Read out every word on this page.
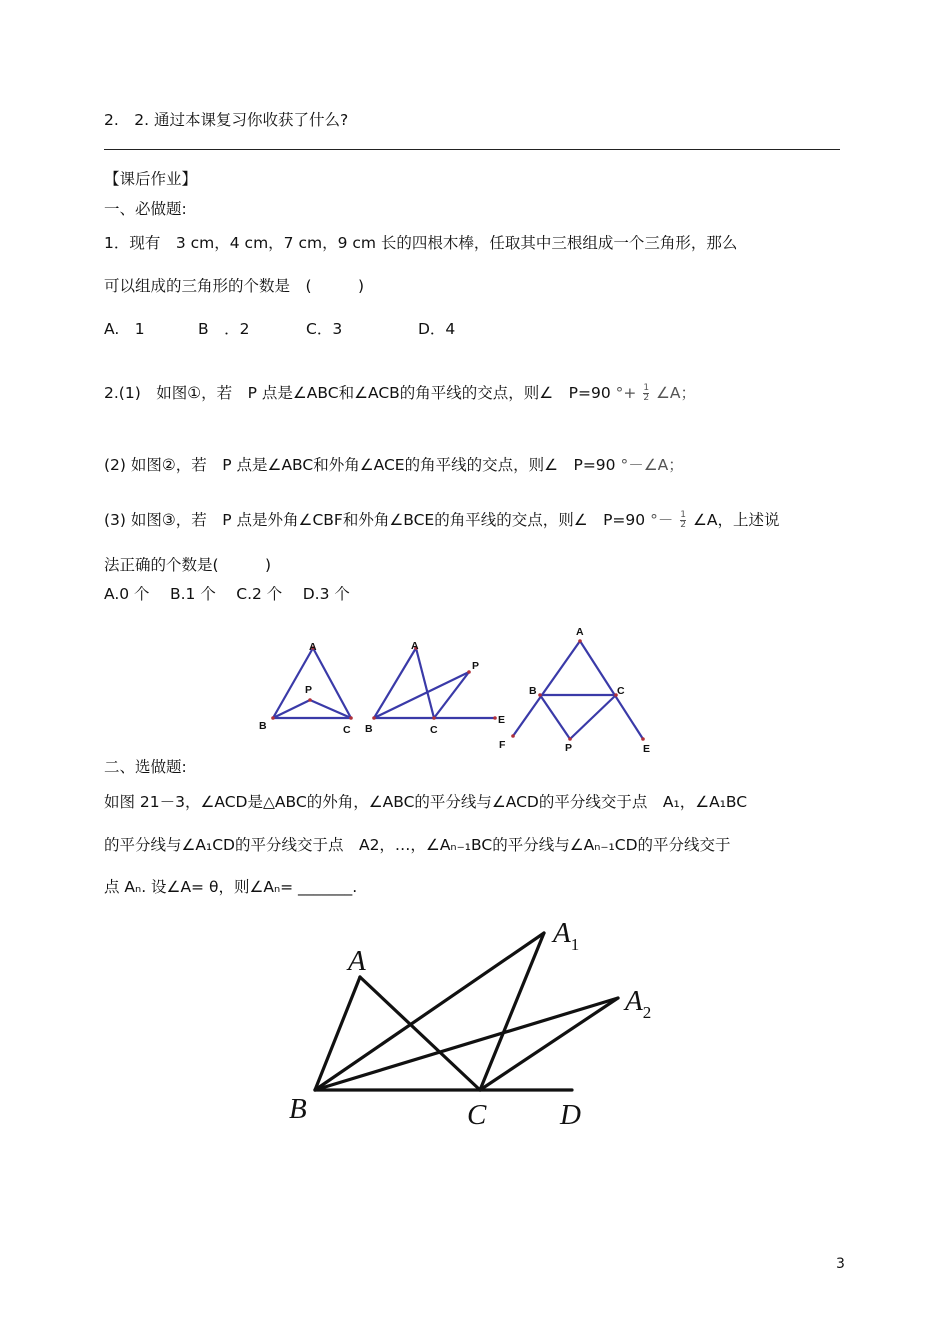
2.　2. 通过本课复习你收获了什么?
【课后作业】
一、必做题:
1．现有　3 cm，4 cm，7 cm，9 cm 长的四根木棒，任取其中三根组成一个三角形，那么
可以组成的三角形的个数是　(　　　)
A.　1	B　．2	C．3	D．4
2.(1)　如图①，若　P 点是∠ABC和∠ACB的角平线的交点，则∠　P=90 °+ $\frac{1}{2}$ ∠A；
(2) 如图②，若　P 点是∠ABC和外角∠ACE的角平线的交点，则∠　P=90 °－∠A；
(3) 如图③，若　P 点是外角∠CBF和外角∠BCE的角平线的交点，则∠　P=90 °－ $\frac{1}{2}$ ∠A，上述说
法正确的个数是(　　　)
A.0 个　 B.1 个　 C.2 个　 D.3 个
A
P
B	C
A
P
B	C
E
A
B	C
F	P	E
二、选做题:
如图 21－3，∠ACD是△ABC的外角，∠ABC的平分线与∠ACD的平分线交于点　A₁，∠A₁BC
的平分线与∠A₁CD的平分线交于点　A2，…，∠Aₙ₋₁BC的平分线与∠Aₙ₋₁CD的平分线交于
点 Aₙ. 设∠A= θ，则∠Aₙ= _______.
A
$A_1$
$A_2$
B	C	D
3
